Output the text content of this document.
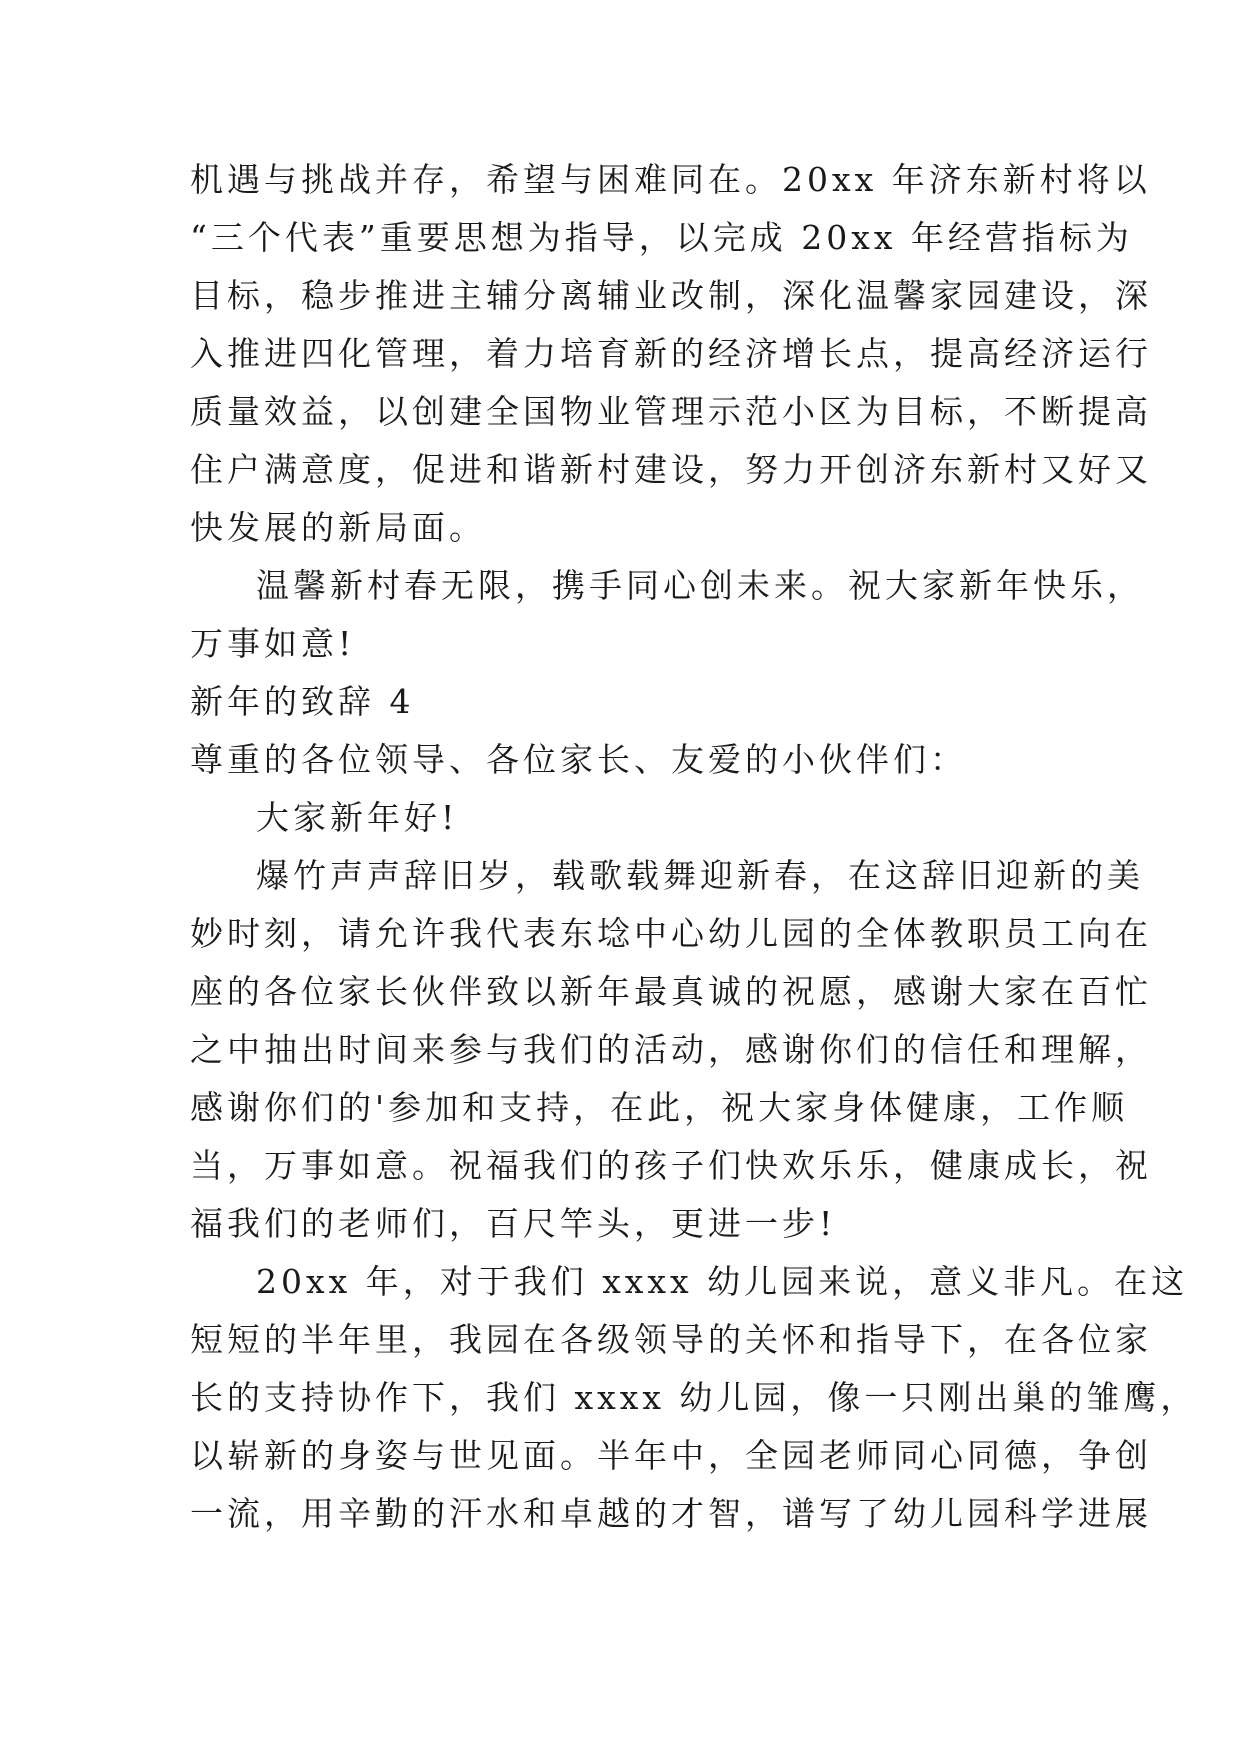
机遇与挑战并存，希望与困难同在。20xx 年济东新村将以
“三个代表”重要思想为指导，以完成 20xx 年经营指标为
目标，稳步推进主辅分离辅业改制，深化温馨家园建设，深
入推进四化管理，着力培育新的经济增长点，提高经济运行
质量效益，以创建全国物业管理示范小区为目标，不断提高
住户满意度，促进和谐新村建设，努力开创济东新村又好又
快发展的新局面。
温馨新村春无限，携手同心创未来。祝大家新年快乐，
万事如意!
新年的致辞 4
尊重的各位领导、各位家长、友爱的小伙伴们：
大家新年好!
爆竹声声辞旧岁，载歌载舞迎新春，在这辞旧迎新的美
妙时刻，请允许我代表东埝中心幼儿园的全体教职员工向在
座的各位家长伙伴致以新年最真诚的祝愿，感谢大家在百忙
之中抽出时间来参与我们的活动，感谢你们的信任和理解，
感谢你们的'参加和支持，在此，祝大家身体健康，工作顺
当，万事如意。祝福我们的孩子们快欢乐乐，健康成长，祝
福我们的老师们，百尺竿头，更进一步!
20xx 年，对于我们 xxxx 幼儿园来说，意义非凡。在这
短短的半年里，我园在各级领导的关怀和指导下，在各位家
长的支持协作下，我们 xxxx 幼儿园，像一只刚出巢的雏鹰，
以崭新的身姿与世见面。半年中，全园老师同心同德，争创
一流，用辛勤的汗水和卓越的才智，谱写了幼儿园科学进展
